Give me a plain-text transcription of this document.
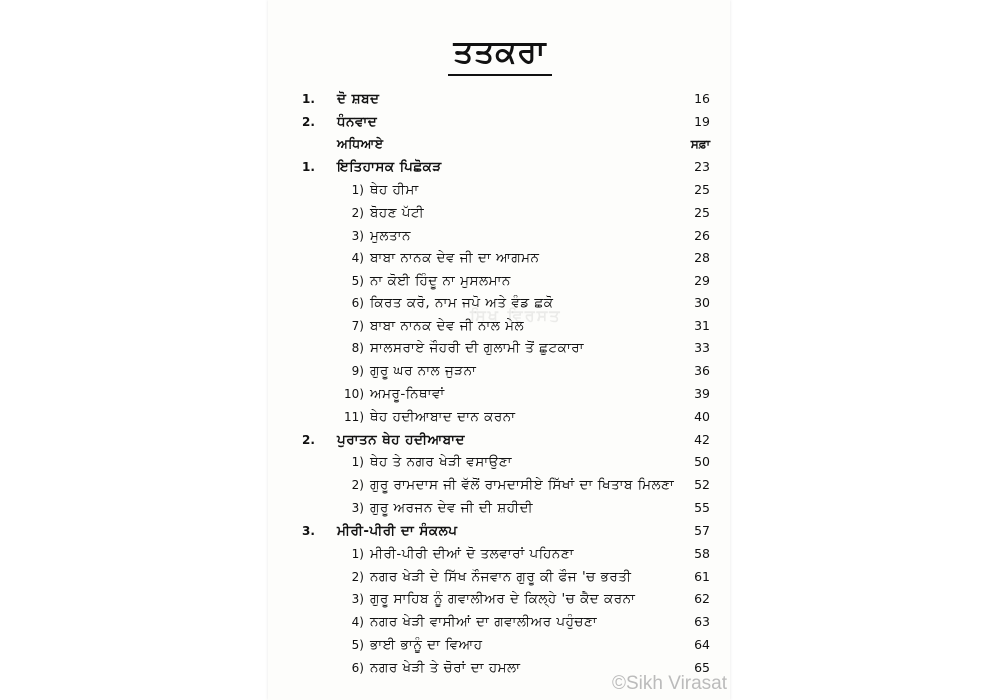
ਤਤਕਰਾ
ਸਿਖ ਵਿਰਸਤ
1. ਦੋ ਸ਼ਬਦ	16
2. ਧੰਨਵਾਦ	19
ਅਧਿਆਏ	ਸਫ਼ਾ
1. ਇਤਿਹਾਸਕ ਪਿਛੋਕੜ	23
1) ਥੇਹ ਹੀਮਾ	25
2) ਬੋਹਣ ਪੱਟੀ	25
3) ਮੁਲਤਾਨ	26
4) ਬਾਬਾ ਨਾਨਕ ਦੇਵ ਜੀ ਦਾ ਆਗਮਨ	28
5) ਨਾ ਕੋਈ ਹਿੰਦੂ ਨਾ ਮੁਸਲਮਾਨ	29
6) ਕਿਰਤ ਕਰੋ, ਨਾਮ ਜਪੋ ਅਤੇ ਵੰਡ ਛਕੋ	30
7) ਬਾਬਾ ਨਾਨਕ ਦੇਵ ਜੀ ਨਾਲ ਮੇਲ	31
8) ਸਾਲਸਰਾਏ ਜੌਹਰੀ ਦੀ ਗੁਲਾਮੀ ਤੋਂ ਛੁਟਕਾਰਾ	33
9) ਗੁਰੂ ਘਰ ਨਾਲ ਜੁੜਨਾ	36
10) ਅਮਰੂ-ਨਿਥਾਵਾਂ	39
11) ਥੇਹ ਹਦੀਆਬਾਦ ਦਾਨ ਕਰਨਾ	40
2. ਪੁਰਾਤਨ ਥੇਹ ਹਦੀਆਬਾਦ	42
1) ਥੇਹ ਤੇ ਨਗਰ ਖੇੜੀ ਵਸਾਉਣਾ	50
2) ਗੁਰੂ ਰਾਮਦਾਸ ਜੀ ਵੱਲੋਂ ਰਾਮਦਾਸੀਏ ਸਿੱਖਾਂ ਦਾ ਖਿਤਾਬ ਮਿਲਣਾ	52
3) ਗੁਰੂ ਅਰਜਨ ਦੇਵ ਜੀ ਦੀ ਸ਼ਹੀਦੀ	55
3. ਮੀਰੀ-ਪੀਰੀ ਦਾ ਸੰਕਲਪ	57
1) ਮੀਰੀ-ਪੀਰੀ ਦੀਆਂ ਦੋ ਤਲਵਾਰਾਂ ਪਹਿਨਣਾ	58
2) ਨਗਰ ਖੇੜੀ ਦੇ ਸਿੱਖ ਨੌਜਵਾਨ ਗੁਰੂ ਕੀ ਫੌਜ 'ਚ ਭਰਤੀ	61
3) ਗੁਰੂ ਸਾਹਿਬ ਨੂੰ ਗਵਾਲੀਅਰ ਦੇ ਕਿਲ੍ਹੇ 'ਚ ਕੈਦ ਕਰਨਾ	62
4) ਨਗਰ ਖੇੜੀ ਵਾਸੀਆਂ ਦਾ ਗਵਾਲੀਅਰ ਪਹੁੰਚਣਾ	63
5) ਭਾਈ ਭਾਨੂੰ ਦਾ ਵਿਆਹ	64
6) ਨਗਰ ਖੇੜੀ ਤੇ ਚੋਰਾਂ ਦਾ ਹਮਲਾ	65
©Sikh Virasat
